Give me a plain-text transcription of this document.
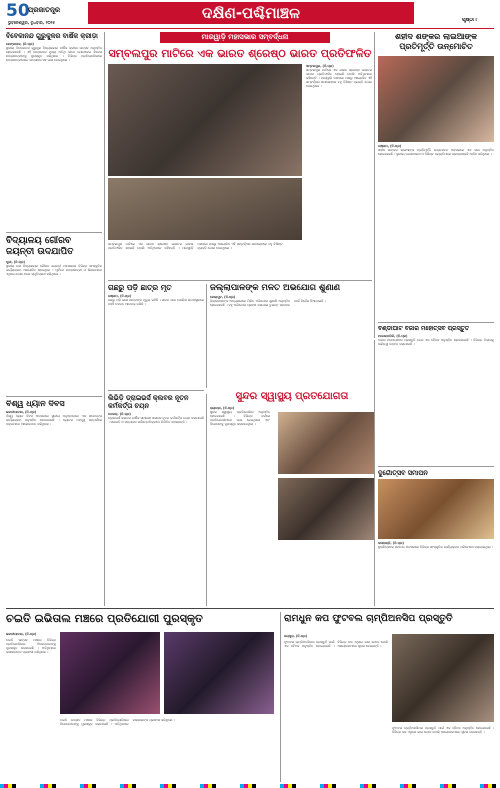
50
ପ୍ରଜାତନ୍ତ୍ର	ଦକ୍ଷିଣ-ପଶ୍ଚିମାଞ୍ଚଳ	ପୃଷ୍ଠା ୮
ଭୁବନେଶ୍ୱର, ବୁଧବାର, ୨୦୨୫
ବିବେକାନନ୍ଦ ଗୁରୁକୁଳର ବାର୍ଷିକ କ୍ରୀଡ଼ା
ଢେଙ୍କାନାଳ, (ନି.ପ୍ର)
ସ୍ଥାନୀୟ ବିବେକାନନ୍ଦ ଗୁରୁକୁଳ ବିଦ୍ୟାଳୟର ବାର୍ଷିକ କ୍ରୀଡ଼ା ଉତ୍ସବ ଅନୁଷ୍ଠିତ ହୋଇଯାଇଛି । ଏହି ଉତ୍ସବରେ ମୁଖ୍ୟ ଅତିଥି ଭାବେ ଯୋଗଦେଇ ବିଜେତା ଛାତ୍ରଛାତ୍ରୀଙ୍କୁ ପୁରସ୍କୃତ କରିଥିଲେ । ବିଭିନ୍ନ ପ୍ରତିଯୋଗିତାରେ ଛାତ୍ରଛାତ୍ରୀମାନେ ଉତ୍ସାହର ସହ ଭାଗ ନେଇଥିଲେ ।
ବିଦ୍ୟାଳୟ ଗୌରବ ଜୟନ୍ତୀ ଉଦଯାପିତ
ପୁରୀ, (ନି.ପ୍ର)
ସ୍ଥାନୀୟ ଉଚ୍ଚ ବିଦ୍ୟାଳୟର ଗୌରବ ଜୟନ୍ତୀ ଅବସରରେ ବିଭିନ୍ନ ସାଂସ୍କୃତିକ କାର୍ଯ୍ୟକ୍ରମ ଆୟୋଜିତ ହୋଇଥିଲା । ପୂର୍ବତନ ଛାତ୍ରଛାତ୍ରୀ ଓ ଶିକ୍ଷକମାନେ ଏଥିରେ ଯୋଗ ଦେଇ ସ୍ମୃତିଚାରଣ କରିଥିଲେ ।
ବିଶ୍ୱ ଧ୍ୟାନ ଦିବସ
ଭବାନୀପାଟଣା, (ନି.ପ୍ର)
ବିଶ୍ୱ ଧ୍ୟାନ ଦିବସ ଅବସରରେ ସ୍ଥାନୀୟ ଅନୁଷ୍ଠାନରେ ଏକ ସଚେତନତା କାର୍ଯ୍ୟକ୍ରମ ଅନୁଷ୍ଠିତ ହୋଇଯାଇଛି । ଧ୍ୟାନର ମହତ୍ତ୍ୱ ସମ୍ପର୍କରେ ବକ୍ତାମାନେ ଆଲୋକପାତ କରିଥିଲେ ।
ମାରୱାଡ଼ି ମହାସଭାର ସମ୍ବର୍ଦ୍ଧନା
ସମ୍ବଲପୁର ମାଟିରେ ଏକ ଭାରତ ଶ୍ରେଷ୍ଠ ଭାରତ ପ୍ରତିଫଳିତ
ସମ୍ବଲପୁର, (ନି.ପ୍ର)
ସମ୍ବଲପୁର ମାଟିରେ ଏକ ଭାରତ ଶ୍ରେଷ୍ଠ ଭାରତର ଭାବନା ପ୍ରତିଫଳିତ ହୋଇଛି ବୋଲି ଅତିଥିମାନେ କହିଛନ୍ତି । ମାରୱାଡ଼ି ମହାସଭା ପକ୍ଷରୁ ଆୟୋଜିତ ଏହି ସମ୍ବର୍ଦ୍ଧନା ସମାରୋହରେ ବହୁ ବିଶିଷ୍ଟ ବ୍ୟକ୍ତି ଯୋଗ ଦେଇଥିଲେ ।
ସମ୍ବଲପୁର ମାଟିରେ ଏକ ଭାରତ ଶ୍ରେଷ୍ଠ ଭାରତର ଭାବନା ପ୍ରତିଫଳିତ ହୋଇଛି ବୋଲି ଅତିଥିମାନେ କହିଛନ୍ତି । ମାରୱାଡ଼ି ମହାସଭା ପକ୍ଷରୁ ଆୟୋଜିତ ଏହି ସମ୍ବର୍ଦ୍ଧନା ସମାରୋହରେ ବହୁ ବିଶିଷ୍ଟ ବ୍ୟକ୍ତି ଯୋଗ ଦେଇଥିଲେ ।
ଶହୀଦ ଶଙ୍କର ଲାଇଆଙ୍କ ପ୍ରତିମୂର୍ତ୍ତି ଉନ୍ମୋଚିତ
ଗଞ୍ଜାମ, (ନି.ପ୍ର)
ଶହୀଦ ଶଙ୍କର ଲାଇଆଙ୍କ ପ୍ରତିମୂର୍ତ୍ତି ଉନ୍ମୋଚନ ଅବସରରେ ଏକ ସଭା ଅନୁଷ୍ଠିତ ହୋଇଯାଇଛି । ସ୍ଥାନୀୟ ଜନସାଧାରଣ ଓ ବିଶିଷ୍ଟ ବ୍ୟକ୍ତିମାନେ ଶ୍ରଦ୍ଧାଞ୍ଜଳି ଅର୍ପଣ କରିଥିଲେ ।
ବଣ୍ଡାଘାଟ ବଜାର ମହୋତ୍ସବ ପ୍ରସ୍ତୁତି
ମାଲକାନଗିରି, (ନି.ପ୍ର)
ବଜାର ମହୋତ୍ସବର ପ୍ରସ୍ତୁତି ନେଇ ଏକ ବୈଠକ ଅନୁଷ୍ଠିତ ହୋଇଯାଇଛି । ବିଭିନ୍ନ ବିଭାଗକୁ ଦାୟିତ୍ୱ ବଣ୍ଟନ କରାଯାଇଛି ।
ଗଛରୁ ପଡ଼ି ଛାତ୍ର ମୃତ
ଗଞ୍ଜାମ, (ନି.ପ୍ର)
ଗଛରୁ ପଡ଼ି ଜଣେ ଛାତ୍ରଙ୍କ ମୃତ୍ୟୁ ଘଟିଛି । ଖବର ପାଇ ପୋଲିସ ଘଟଣାସ୍ଥଳରେ ପହଞ୍ଚି ତଦନ୍ତ ଆରମ୍ଭ କରିଛି ।
ଜିଲ୍ଲାପାଳଙ୍କ ମିଳିତ ଅଭିଯୋଗ ଶୁଣାଣି
କୋରାପୁଟ, (ନି.ପ୍ର)
ଜିଲ୍ଲାପାଳଙ୍କ ଅଧ୍ୟକ୍ଷତାରେ ମିଳିତ ଅଭିଯୋଗ ଶୁଣାଣି ଅନୁଷ୍ଠିତ ହୋଇଯାଇଛି । ବହୁ ଅଭିଯୋଗ ଗ୍ରହଣ କରାଯାଇ ତୁରନ୍ତ ସମାଧାନ ପାଇଁ ନିର୍ଦ୍ଦେଶ ଦିଆଯାଇଛି ।
ଲିଭିଡ଼ି ଡ୍ରାଇଭର୍ସ କ୍ଲବର ନୂତନ କର୍ମକର୍ତ୍ତା ଚୟନ
ବରଗଡ଼, (ନି.ପ୍ର)
ଡ୍ରାଇଭର୍ସ କ୍ଲବର ବାର୍ଷିକ ସାଧାରଣ ସଭାରେ ନୂତନ କର୍ମକର୍ତ୍ତା ଚୟନ କରାଯାଇଛି । ସଭାପତି ଓ ସମ୍ପାଦକ ସର୍ବସମ୍ମତିକ୍ରମେ ନିର୍ବାଚିତ ହୋଇଛନ୍ତି ।
ସୁନ୍ଦର ସ୍ୱାସ୍ଥ୍ୟ ପ୍ରତିଯୋଗିତା
ରାୟଗଡ଼ା, (ନି.ପ୍ର)
ସୁନ୍ଦର ସ୍ୱାସ୍ଥ୍ୟ ପ୍ରତିଯୋଗିତା ଅନୁଷ୍ଠିତ ହୋଇଯାଇଛି । ବିଭିନ୍ନ ବର୍ଗରେ ପ୍ରତିଯୋଗୀମାନେ ଭାଗ ନେଇଥିଲେ ଏବଂ ବିଜେତାଙ୍କୁ ପୁରସ୍କୃତ କରାଯାଇଥିଲା ।
ଦୁର୍ଗୋତ୍ସବ ସମାପନ
କଳାହାଣ୍ଡି, (ନି.ପ୍ର)
ଦୁର୍ଗୋତ୍ସବର ସମାପନ ଅବସରରେ ବିଭିନ୍ନ ସାଂସ୍କୃତିକ କାର୍ଯ୍ୟକ୍ରମ ପରିବେଷଣ କରାଯାଇଥିଲା ।
ଚଇତି ଇଭିତାଲ ମଞ୍ଚରେ ପ୍ରତିଯୋଗୀ ପୁରସ୍କୃତ
ଭବାନୀପାଟଣା, (ନି.ପ୍ର)
ଚଇତି ଉତ୍ସବ ମଞ୍ଚରେ ବିଭିନ୍ନ ପ୍ରତିଯୋଗିତାର ବିଜେତାମାନଙ୍କୁ ପୁରସ୍କୃତ କରାଯାଇଛି । ଅତିଥିମାନେ କଳାକାରଙ୍କ ପ୍ରଶଂସା କରିଥିଲେ ।
ଚଇତି ଉତ୍ସବ ମଞ୍ଚରେ ବିଭିନ୍ନ ପ୍ରତିଯୋଗିତାର ବିଜେତାମାନଙ୍କୁ ପୁରସ୍କୃତ କରାଯାଇଛି । ଅତିଥିମାନେ କଳାକାରଙ୍କ ପ୍ରଶଂସା କରିଥିଲେ ।
ରାମଧୁନ କପ ଫୁଟବଲ ଚାମ୍ପିଅନସିପ ପ୍ରସ୍ତୁତି
ଜୟପୁର, (ନି.ପ୍ର)
ଫୁଟବଲ ଚାମ୍ପିଅନସିପର ପ୍ରସ୍ତୁତି ପାଇଁ ଏକ ବୈଠକ ଅନୁଷ୍ଠିତ ହୋଇଯାଇଛି । ବିଭିନ୍ନ ଦଳ ଏଥିରେ ଭାଗ ନେବେ ବୋଲି ଆୟୋଜକମାନେ ସୂଚନା ଦେଇଛନ୍ତି ।
ଫୁଟବଲ ଚାମ୍ପିଅନସିପର ପ୍ରସ୍ତୁତି ପାଇଁ ଏକ ବୈଠକ ଅନୁଷ୍ଠିତ ହୋଇଯାଇଛି । ବିଭିନ୍ନ ଦଳ ଏଥିରେ ଭାଗ ନେବେ ବୋଲି ଆୟୋଜକମାନେ ସୂଚନା ଦେଇଛନ୍ତି ।
